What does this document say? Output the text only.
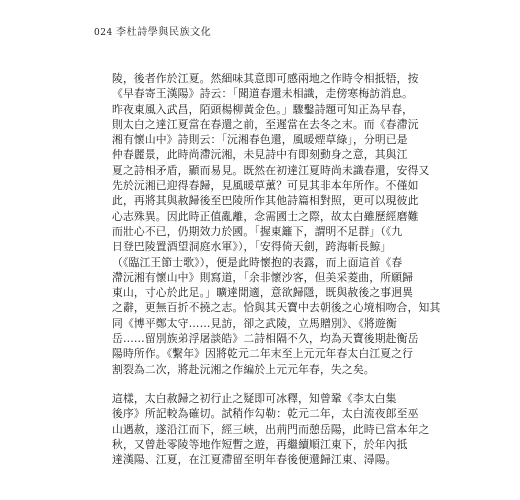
024 李杜詩學與民族文化
陵，後者作於江夏。然細味其意即可感兩地之作時令相抵牾，按
《早春寄王漢陽》詩云：「聞道春還未相識，走傍寒梅訪消息。
昨夜東風入武昌，陌頭楊柳黃金色。」驟鑿詩題可知正為早春，
則太白之達江夏當在春還之前，至遲當在去冬之末。而《春滯沅
湘有懷山中》詩則云：「沅湘春色還，風暖煙草綠」，分明已是
仲春麗景，此時尚滯沅湘，未見詩中有即刻動身之意，其與江
夏之詩相矛盾，顯而易見。既然在初達江夏時尚未識春還，安得又
先於沅湘已迎得春歸，見風暖草薰？可見其非本年所作。不僅如
此，再將其與赦歸後至巴陵所作其他詩篇相對照，更可以現彼此
心志殊異。因此時正值亂離，念需國士之際，故太白雖歷經磨難
而壯心不已，仍期效力於國。「握東籬下，謂明不足群」（《九
日登巴陵置酒望洞庭水軍》），「安得倚天劍，跨海斬長鯨」
（《臨江王節士歌》），便是此時懷抱的表露，而上面這首《春
滯沅湘有懷山中》則寫道，「余非懷沙客，但美采菱曲，所願歸
東山，寸心於此足。」曠達閒適，意欲歸隱，既與赦後之事迥異
之辭，更無百折不撓之志。恰與其天寶中去朝後之心境相吻合，知其
同《博平鄭太守……見訪，卻之武陵，立馬贈別》、《將遊衡
岳……留別族弟浮屠談皓》二詩相隔不久，均為天寶後期赴衡岳
陽時所作。《繫年》因將乾元二年末至上元元年春太白江夏之行
割裂為二次，將赴沅湘之作編於上元元年春，失之矣。
這樣，太白赦歸之初行止之疑即可冰釋，知曾鞏《李太白集
後序》所記較為確切。試稍作勾勒：乾元二年，太白流夜郎至巫
山遇赦，遂沿江而下，經三峽，出荊門而憩岳陽，此時已當本年之
秋，又曾赴零陵等地作短暫之遊，再繼續順江東下，於年內抵
達漢陽、江夏，在江夏滯留至明年春後便還歸江東、潯陽。
